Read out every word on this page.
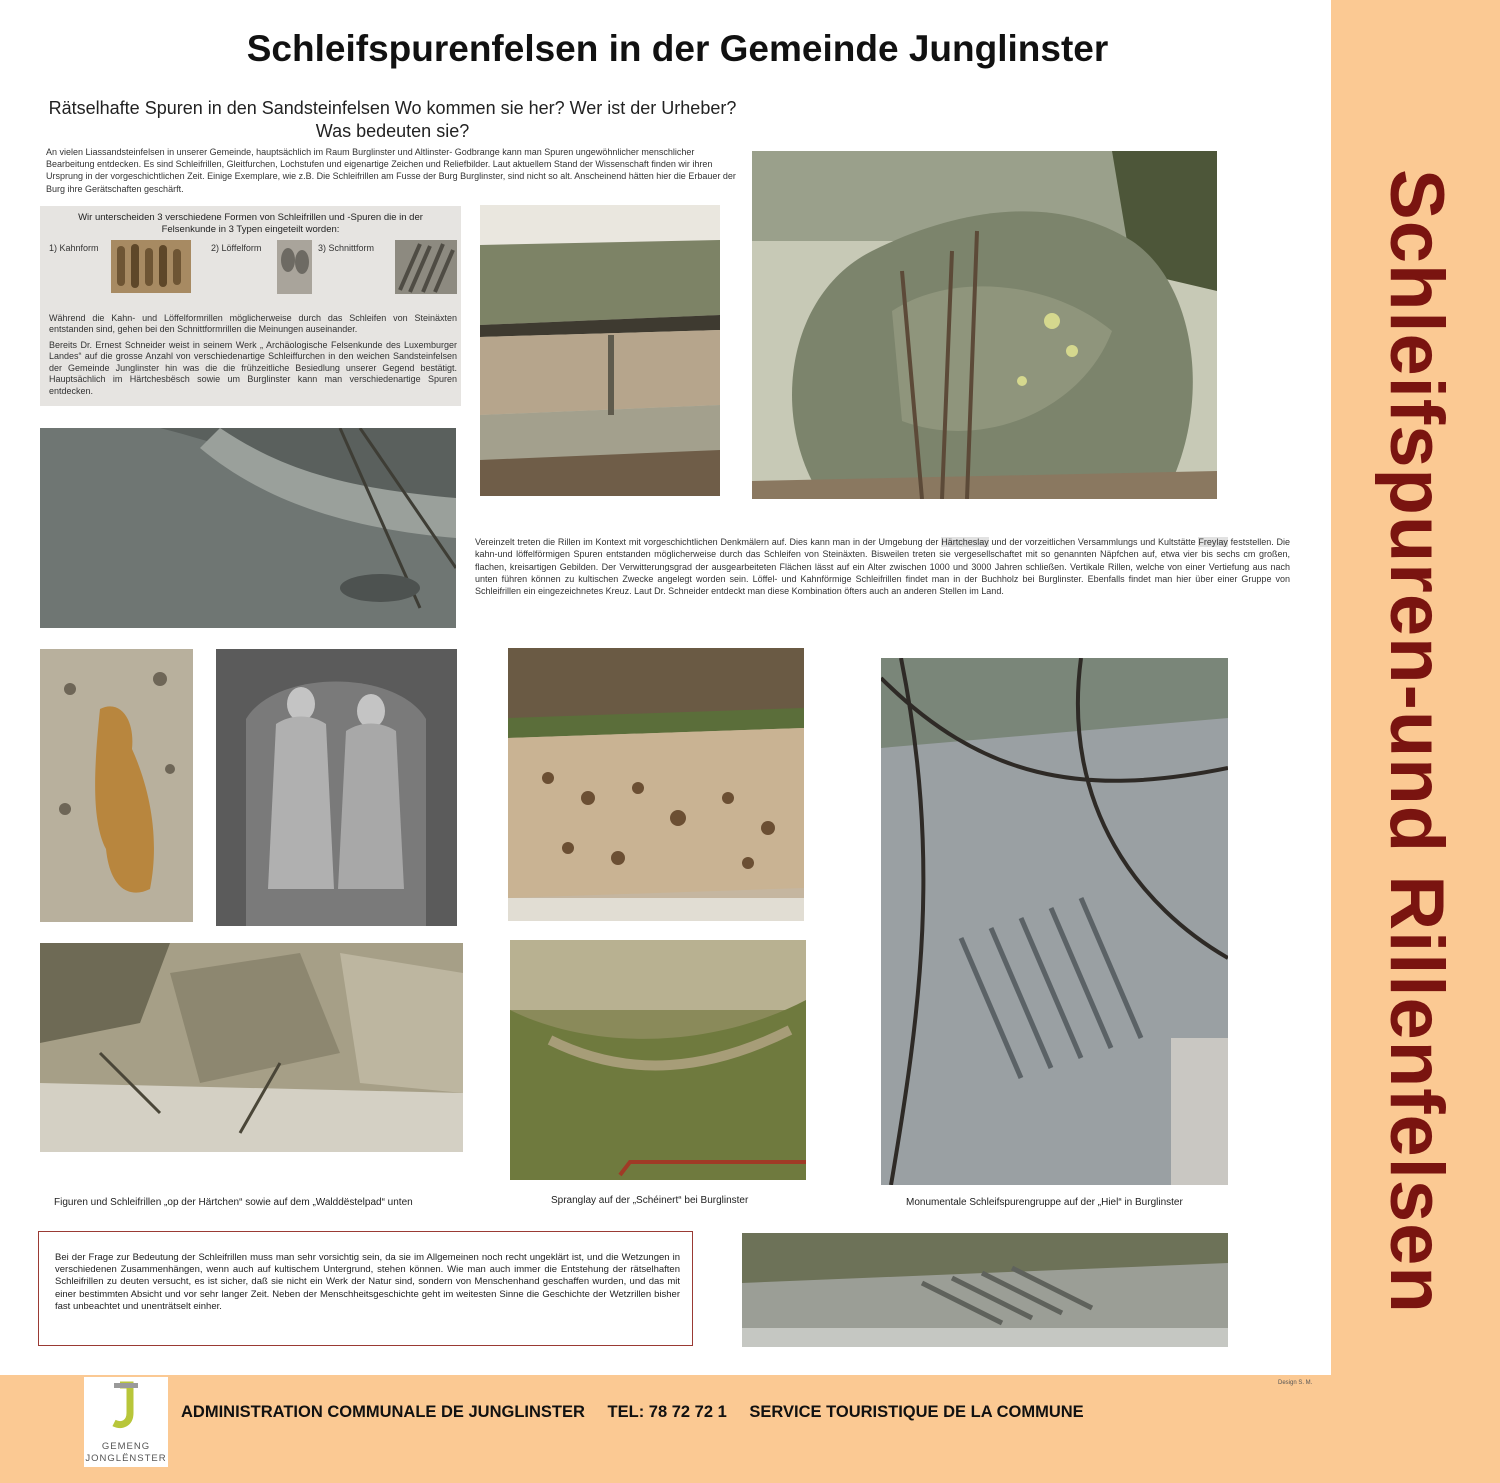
Schleifspuren-und Rillenfelsen
Schleifspurenfelsen in der Gemeinde Junglinster
Rätselhafte Spuren in den Sandsteinfelsen Wo kommen sie her? Wer ist der Urheber? Was bedeuten sie?
An vielen Liassandsteinfelsen in unserer Gemeinde, hauptsächlich im Raum Burglinster und Altlinster- Godbrange kann man Spuren ungewöhnlicher menschlicher Bearbeitung entdecken. Es sind Schleifrillen, Gleitfurchen, Lochstufen und eigenartige Zeichen und Reliefbilder. Laut aktuellem Stand der Wissenschaft finden wir ihren Ursprung in der vorgeschichtlichen Zeit. Einige Exemplare, wie z.B. Die Schleifrillen am Fusse der Burg Burglinster, sind nicht so alt. Anscheinend hätten hier die Erbauer der Burg ihre Gerätschaften geschärft.
Wir unterscheiden 3 verschiedene Formen von Schleifrillen und -Spuren die in der Felsenkunde in 3 Typen eingeteilt worden:
1) Kahnform	2) Löffelform	3) Schnittform
Während die Kahn- und Löffelformrillen möglicherweise durch das Schleifen von Steinäxten entstanden sind, gehen bei den Schnittformrillen die Meinungen auseinander.
Bereits Dr. Ernest Schneider weist in seinem Werk „ Archäologische Felsenkunde des Luxemburger Landes“ auf die grosse Anzahl von verschiedenartige Schleiffurchen in den weichen Sandsteinfelsen der Gemeinde Junglinster hin was die die frühzeitliche Besiedlung unserer Gegend bestätigt. Hauptsächlich im Härtchesbësch sowie um Burglinster kann man verschiedenartige Spuren entdecken.
Vereinzelt treten die Rillen im Kontext mit vorgeschichtlichen Denkmälern auf. Dies kann man in der Umgebung der Härtcheslay und der vorzeitlichen Versammlungs und Kultstätte Freylay feststellen. Die kahn-und löffelförmigen Spuren entstanden möglicherweise durch das Schleifen von Steinäxten. Bisweilen treten sie vergesellschaftet mit so genannten Näpfchen auf, etwa vier bis sechs cm großen, flachen, kreisartigen Gebilden. Der Verwitterungsgrad der ausgearbeiteten Flächen lässt auf ein Alter zwischen 1000 und 3000 Jahren schließen. Vertikale Rillen, welche von einer Vertiefung aus nach unten führen können zu kultischen Zwecke angelegt worden sein. Löffel- und Kahnförmige Schleifrillen findet man in der Buchholz bei Burglinster. Ebenfalls findet man hier über einer Gruppe von Schleifrillen ein eingezeichnetes Kreuz. Laut Dr. Schneider entdeckt man diese Kombination öfters auch an anderen Stellen im Land.
Figuren und Schleifrillen „op der Härtchen“ sowie auf dem „Walddëstelpad“ unten	Spranglay auf der „Schéinert“ bei Burglinster	Monumentale Schleifspurengruppe auf der „Hiel“ in Burglinster
Bei der Frage zur Bedeutung der Schleifrillen muss man sehr vorsichtig sein, da sie im Allgemeinen noch recht ungeklärt ist, und die Wetzungen in verschiedenen Zusammenhängen, wenn auch auf kultischem Untergrund, stehen können. Wie man auch immer die Entstehung der rätselhaften Schleifrillen zu deuten versucht, es ist sicher, daß sie nicht ein Werk der Natur sind, sondern von Menschenhand geschaffen wurden, und das mit einer bestimmten Absicht und vor sehr langer Zeit. Neben der Menschheitsgeschichte geht im weitesten Sinne die Geschichte der Wetzrillen bisher fast unbeachtet und unenträtselt einher.
GEMENG
JONGLËNSTER
ADMINISTRATION COMMUNALE DE JUNGLINSTER TEL: 78 72 72 1 SERVICE TOURISTIQUE DE LA COMMUNE
Design S. M.
